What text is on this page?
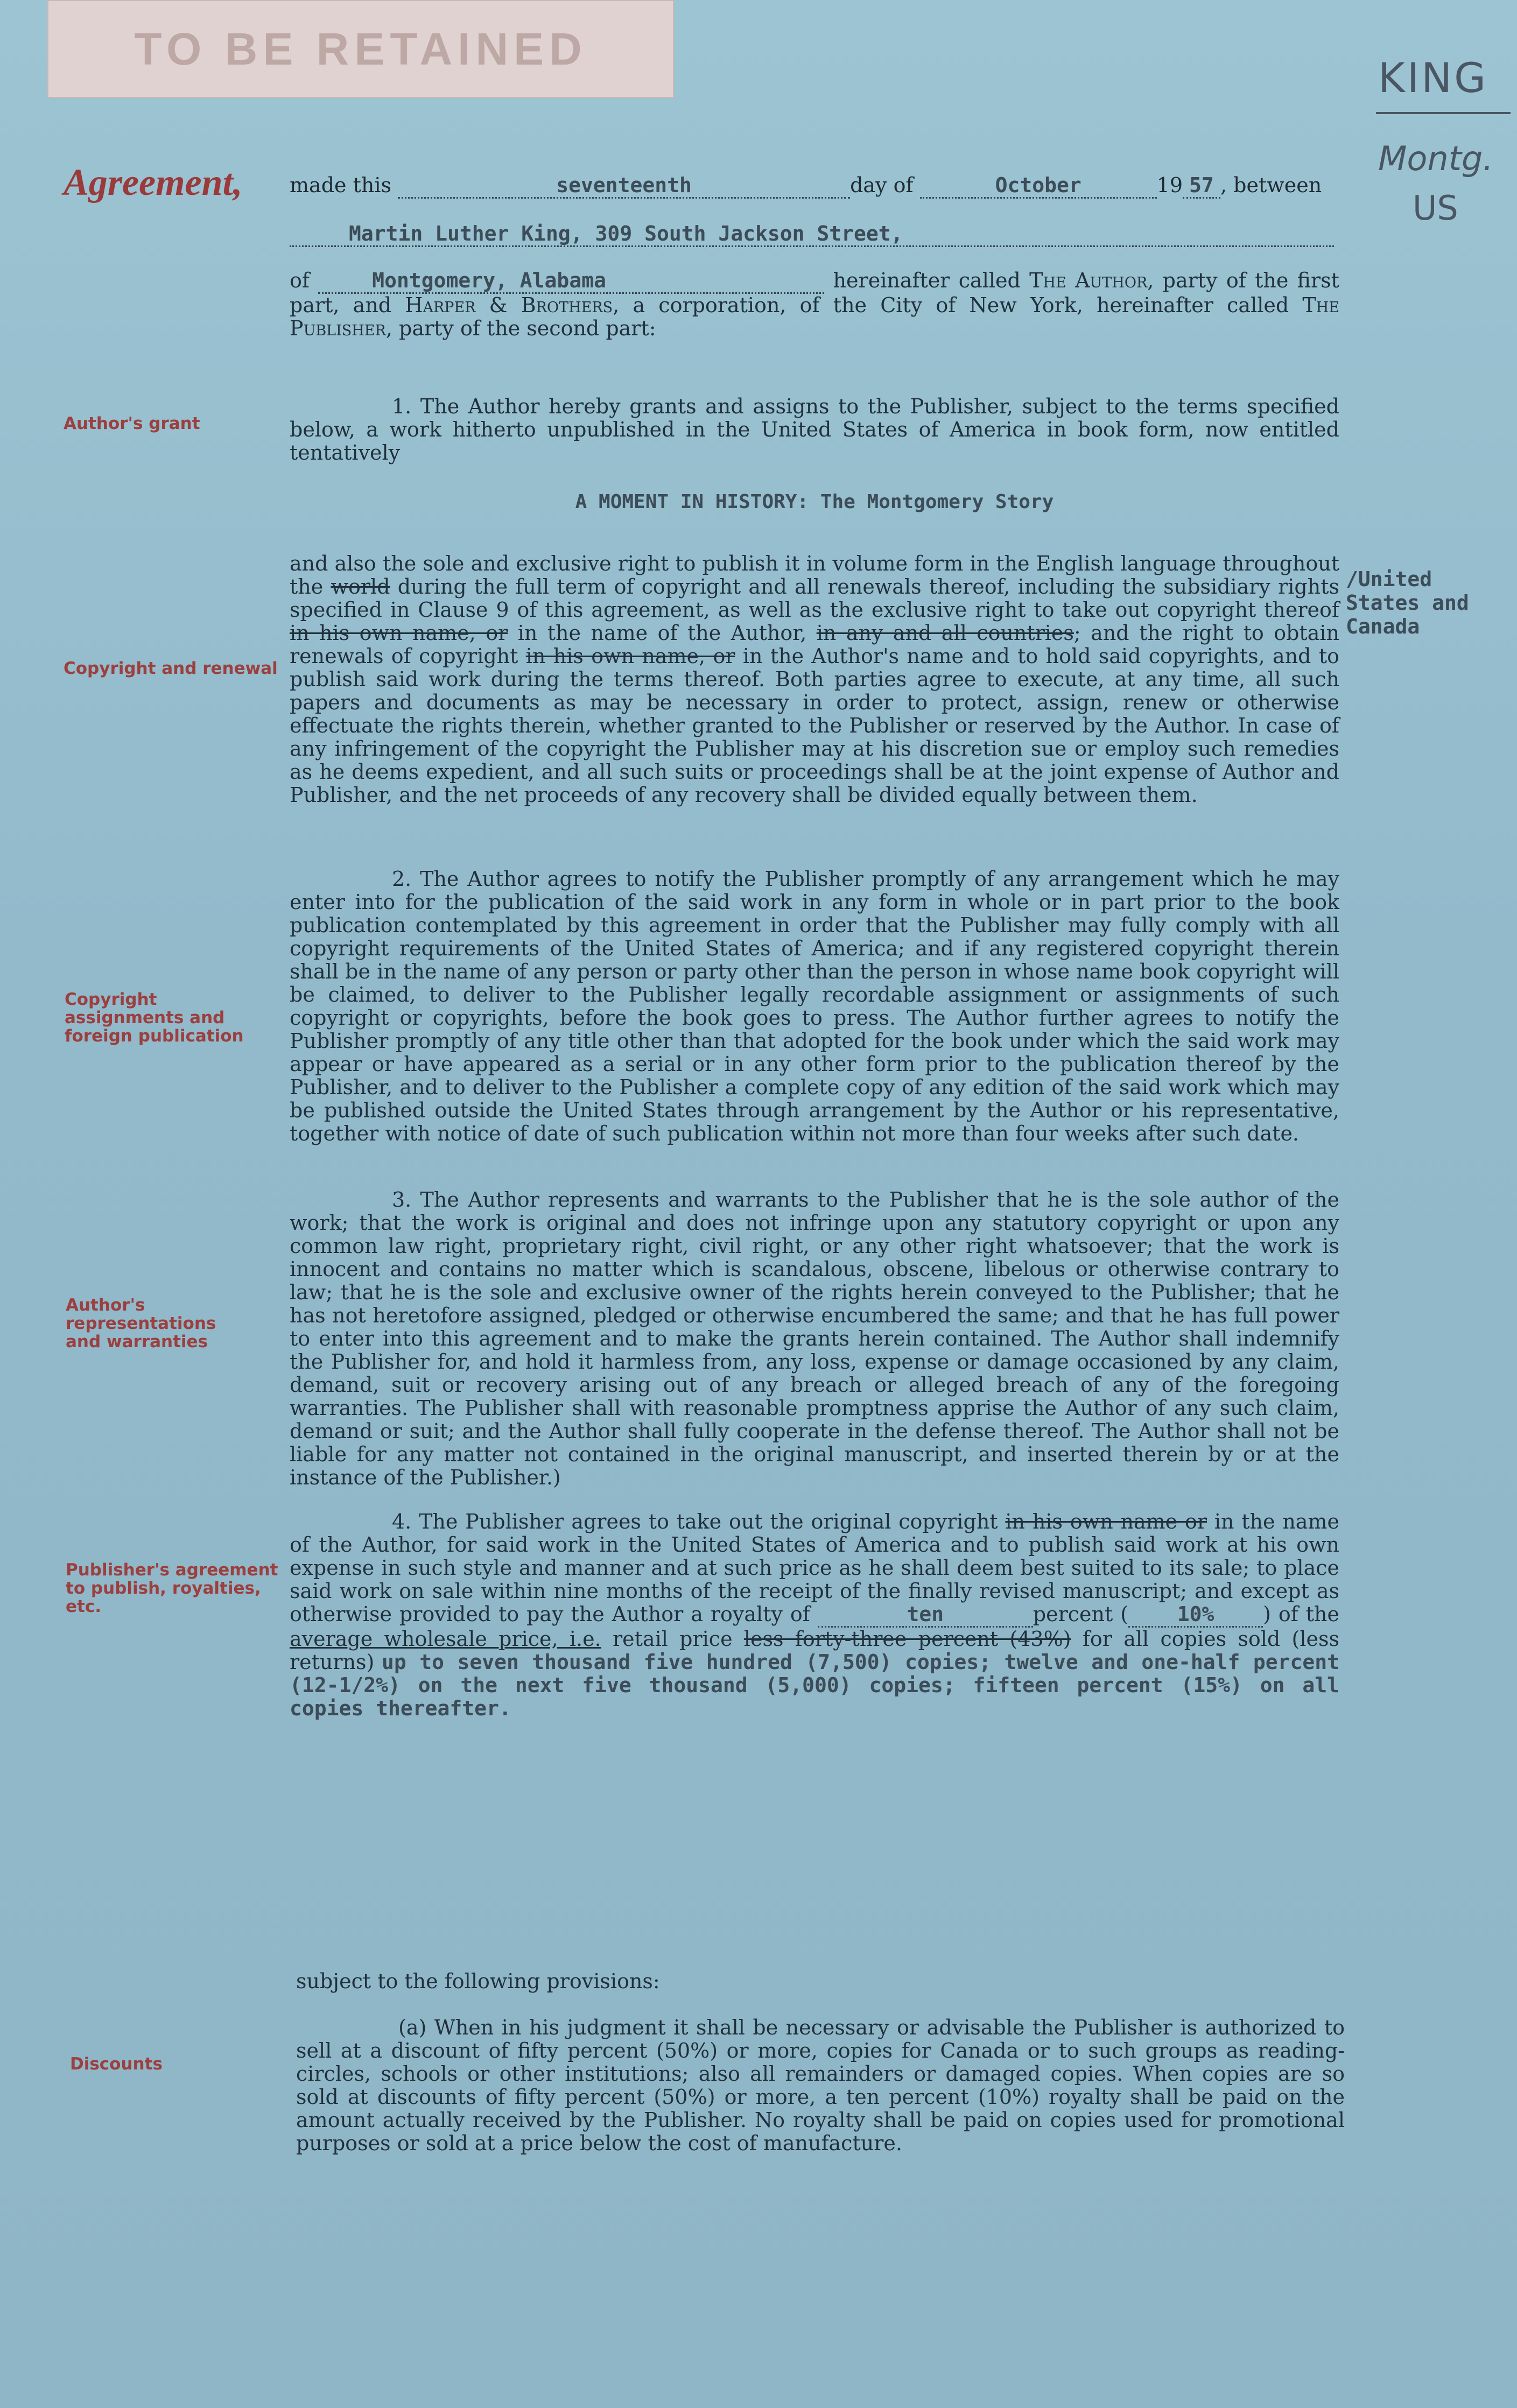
TO BE RETAINED
KING
Montg.
US
Agreement, made this	seventeenth	day of	October	19 57 , between
Martin Luther King, 309 South Jackson Street,
of	Montgomery, Alabama	hereinafter called The Author, party of the first part, and Harper & Brothers, a corporation, of the City of New York, hereinafter called The Publisher, party of the second part:
Author's grant
Copyright and renewal
Copyright assignments and foreign publication
Author's representations and warranties
Publisher's agreement to publish, royalties, etc.
Discounts
1. The Author hereby grants and assigns to the Publisher, subject to the terms specified below, a work hitherto unpublished in the United States of America in book form, now entitled tentatively
A MOMENT IN HISTORY: The Montgomery Story
and also the sole and exclusive right to publish it in volume form in the English language throughout the world during the full term of copyright and all renewals thereof, including the subsidiary rights specified in Clause 9 of this agreement, as well as the exclusive right to take out copyright thereof in his own name, or in the name of the Author, in any and all countries; and the right to obtain renewals of copyright in his own name, or in the Author's name and to hold said copyrights, and to publish said work during the terms thereof. Both parties agree to execute, at any time, all such papers and documents as may be necessary in order to protect, assign, renew or otherwise effectuate the rights therein, whether granted to the Publisher or reserved by the Author. In case of any infringement of the copyright the Publisher may at his discretion sue or employ such remedies as he deems expedient, and all such suits or proceedings shall be at the joint expense of Author and Publisher, and the net proceeds of any recovery shall be divided equally between them.
/United States and Canada
2. The Author agrees to notify the Publisher promptly of any arrangement which he may enter into for the publication of the said work in any form in whole or in part prior to the book publication contemplated by this agreement in order that the Publisher may fully comply with all copyright requirements of the United States of America; and if any registered copyright therein shall be in the name of any person or party other than the person in whose name book copyright will be claimed, to deliver to the Publisher legally recordable assignment or assignments of such copyright or copyrights, before the book goes to press. The Author further agrees to notify the Publisher promptly of any title other than that adopted for the book under which the said work may appear or have appeared as a serial or in any other form prior to the publication thereof by the Publisher, and to deliver to the Publisher a complete copy of any edition of the said work which may be published outside the United States through arrangement by the Author or his representative, together with notice of date of such publication within not more than four weeks after such date.
3. The Author represents and warrants to the Publisher that he is the sole author of the work; that the work is original and does not infringe upon any statutory copyright or upon any common law right, proprietary right, civil right, or any other right whatsoever; that the work is innocent and contains no matter which is scandalous, obscene, libelous or otherwise contrary to law; that he is the sole and exclusive owner of the rights herein conveyed to the Publisher; that he has not heretofore assigned, pledged or otherwise encumbered the same; and that he has full power to enter into this agreement and to make the grants herein contained. The Author shall indemnify the Publisher for, and hold it harmless from, any loss, expense or damage occasioned by any claim, demand, suit or recovery arising out of any breach or alleged breach of any of the foregoing warranties. The Publisher shall with reasonable promptness apprise the Author of any such claim, demand or suit; and the Author shall fully cooperate in the defense thereof. The Author shall not be liable for any matter not contained in the original manuscript, and inserted therein by or at the instance of the Publisher.)
4. The Publisher agrees to take out the original copyright in his own name or in the name of the Author, for said work in the United States of America and to publish said work at his own expense in such style and manner and at such price as he shall deem best suited to its sale; to place said work on sale within nine months of the receipt of the finally revised manuscript; and except as otherwise provided to pay the Author a royalty of	ten	percent ( 10% ) of the average wholesale price, i.e. retail price less forty-three percent (43%) for all copies sold (less returns) up to seven thousand five hundred (7,500) copies; twelve and one-half percent (12-1/2%) on the next five thousand (5,000) copies; fifteen percent (15%) on all copies thereafter.
subject to the following provisions:
(a) When in his judgment it shall be necessary or advisable the Publisher is authorized to sell at a discount of fifty percent (50%) or more, copies for Canada or to such groups as reading-circles, schools or other institutions; also all remainders or damaged copies. When copies are so sold at discounts of fifty percent (50%) or more, a ten percent (10%) royalty shall be paid on the amount actually received by the Publisher. No royalty shall be paid on copies used for promotional purposes or sold at a price below the cost of manufacture.
